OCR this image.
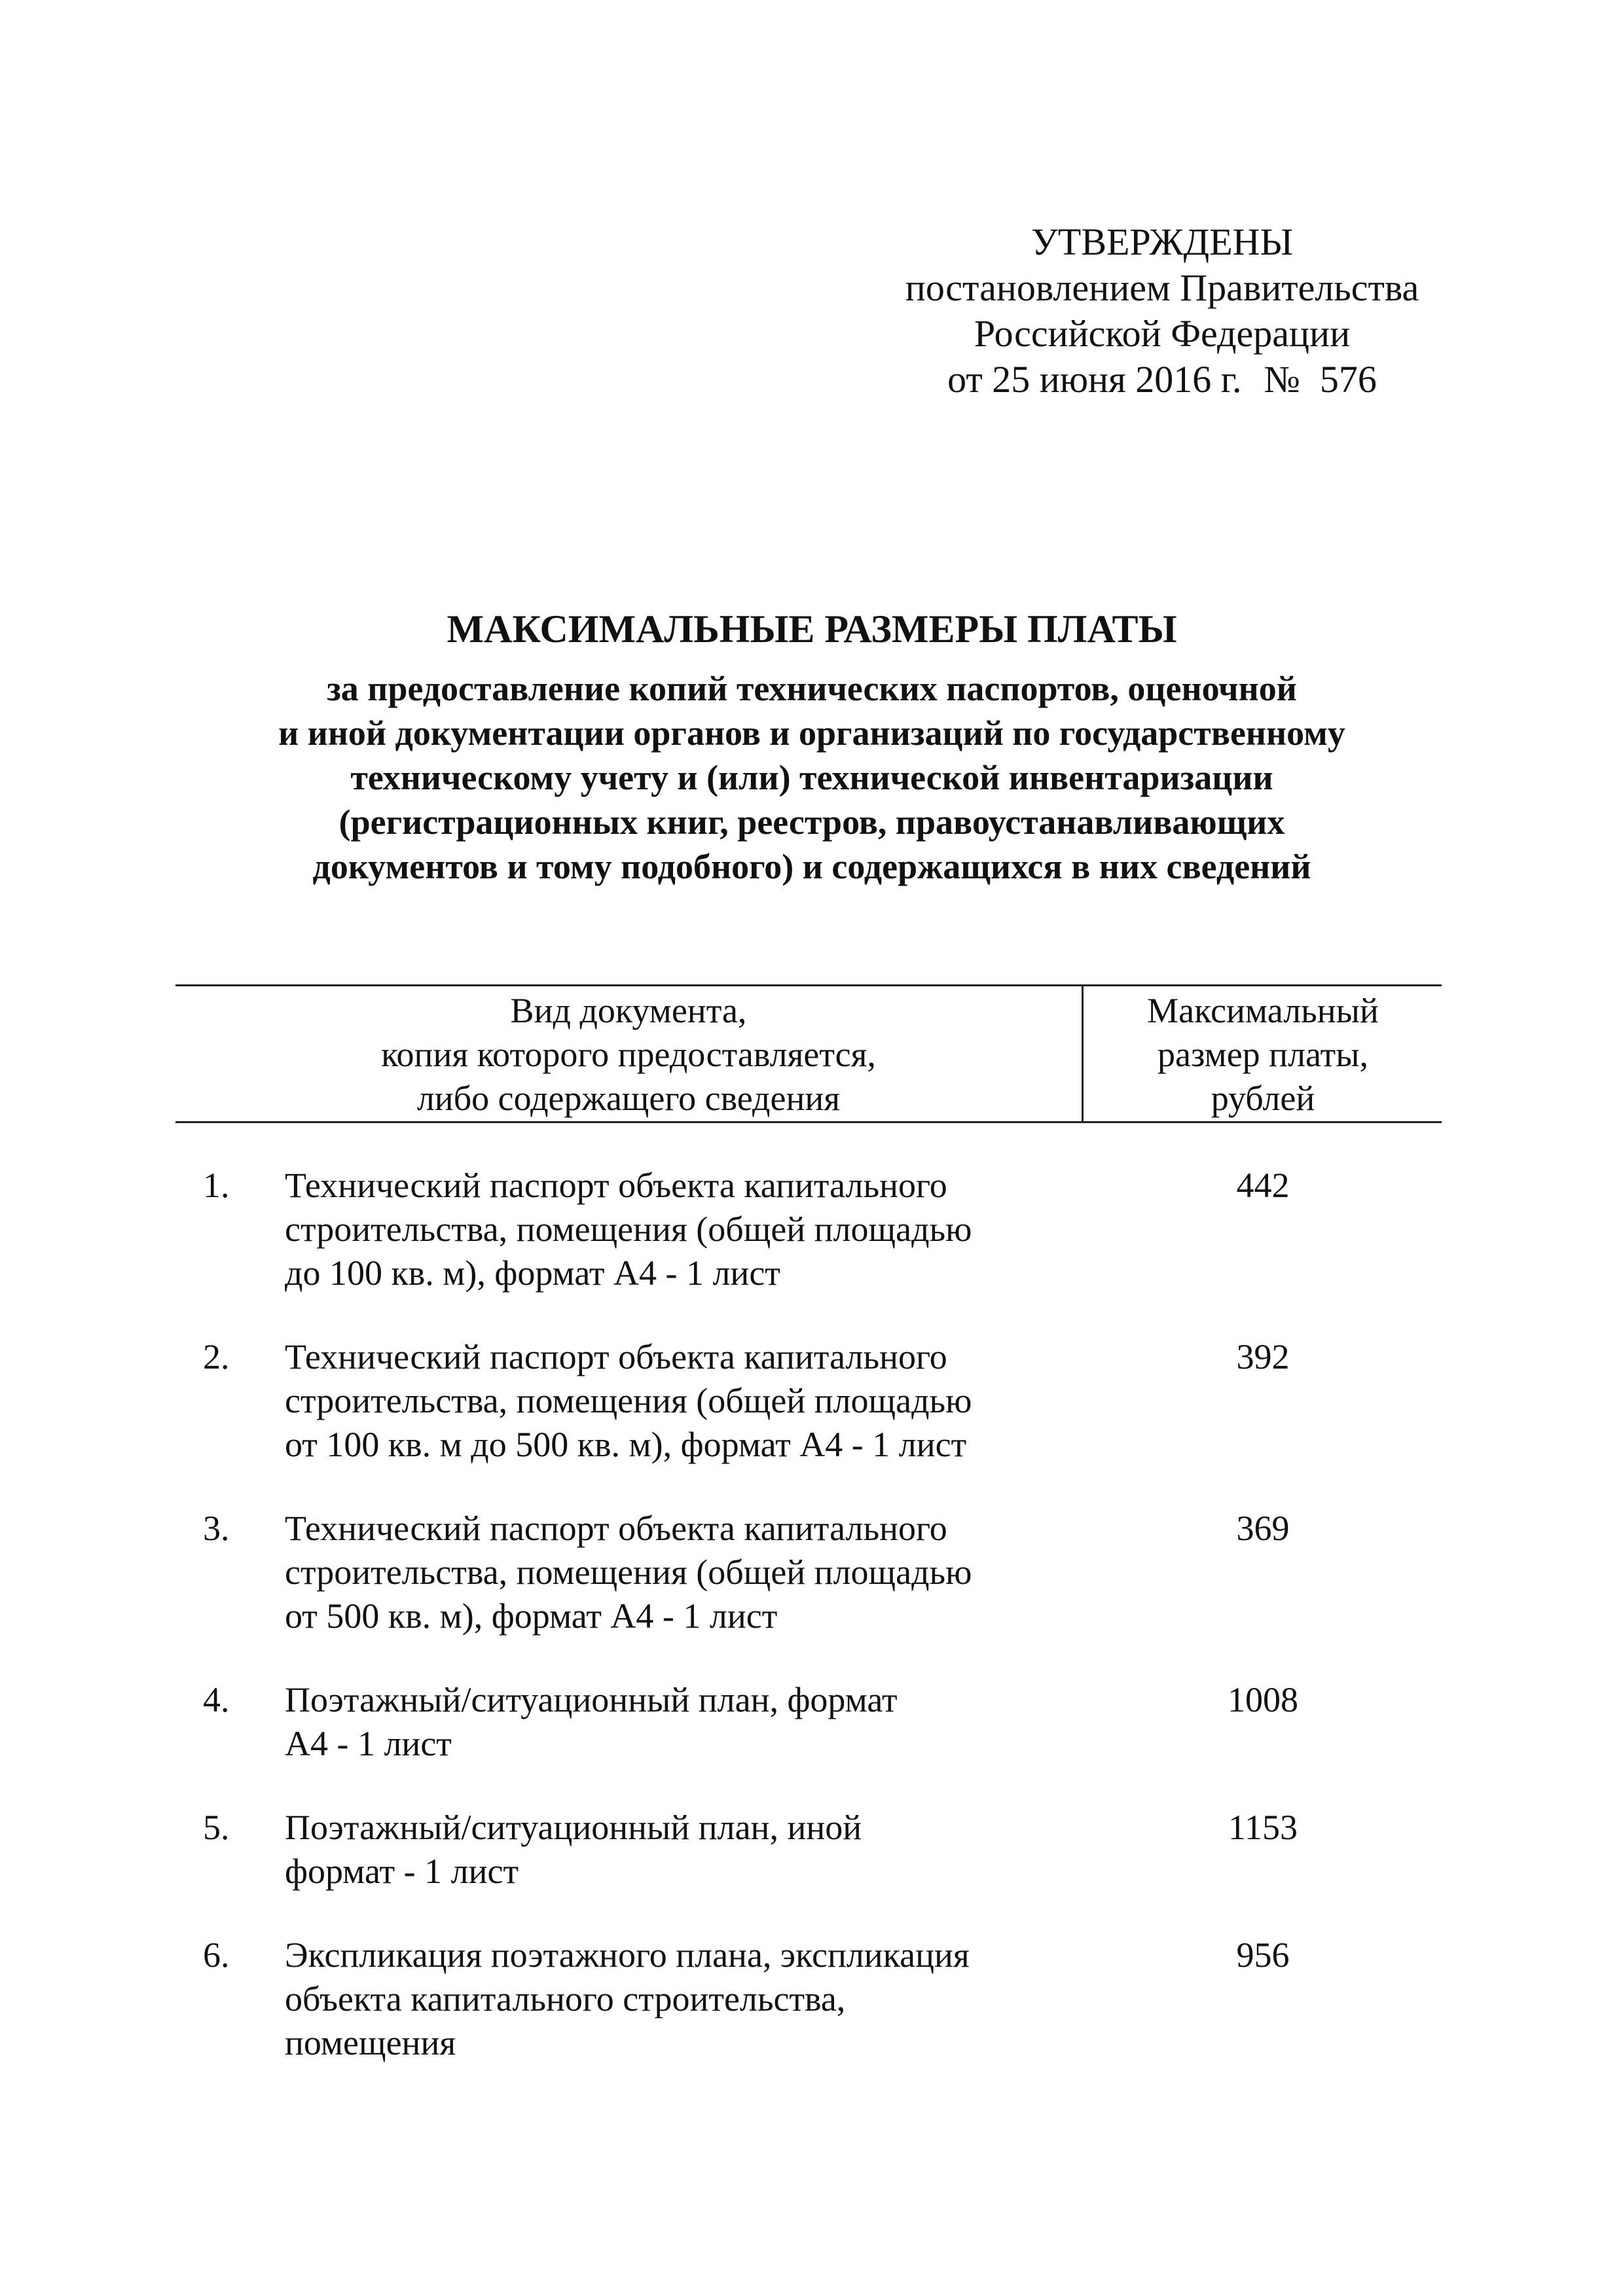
УТВЕРЖДЕНЫ
постановлением Правительства
Российской Федерации
от 25 июня 2016 г. № 576
МАКСИМАЛЬНЫЕ РАЗМЕРЫ ПЛАТЫ
за предоставление копий технических паспортов, оценочной
и иной документации органов и организаций по государственному
техническому учету и (или) технической инвентаризации
(регистрационных книг, реестров, правоустанавливающих
документов и тому подобного) и содержащихся в них сведений
Вид документа,
копия которого предоставляется,
либо содержащего сведения
Максимальный
размер платы,
рублей
1. Технический паспорт объекта капитального
строительства, помещения (общей площадью
до 100 кв. м), формат А4 - 1 лист
442
2. Технический паспорт объекта капитального
строительства, помещения (общей площадью
от 100 кв. м до 500 кв. м), формат А4 - 1 лист
392
3. Технический паспорт объекта капитального
строительства, помещения (общей площадью
от 500 кв. м), формат А4 - 1 лист
369
4. Поэтажный/ситуационный план, формат
А4 - 1 лист
1008
5. Поэтажный/ситуационный план, иной
формат - 1 лист
1153
6. Экспликация поэтажного плана, экспликация
объекта капитального строительства,
помещения
956
